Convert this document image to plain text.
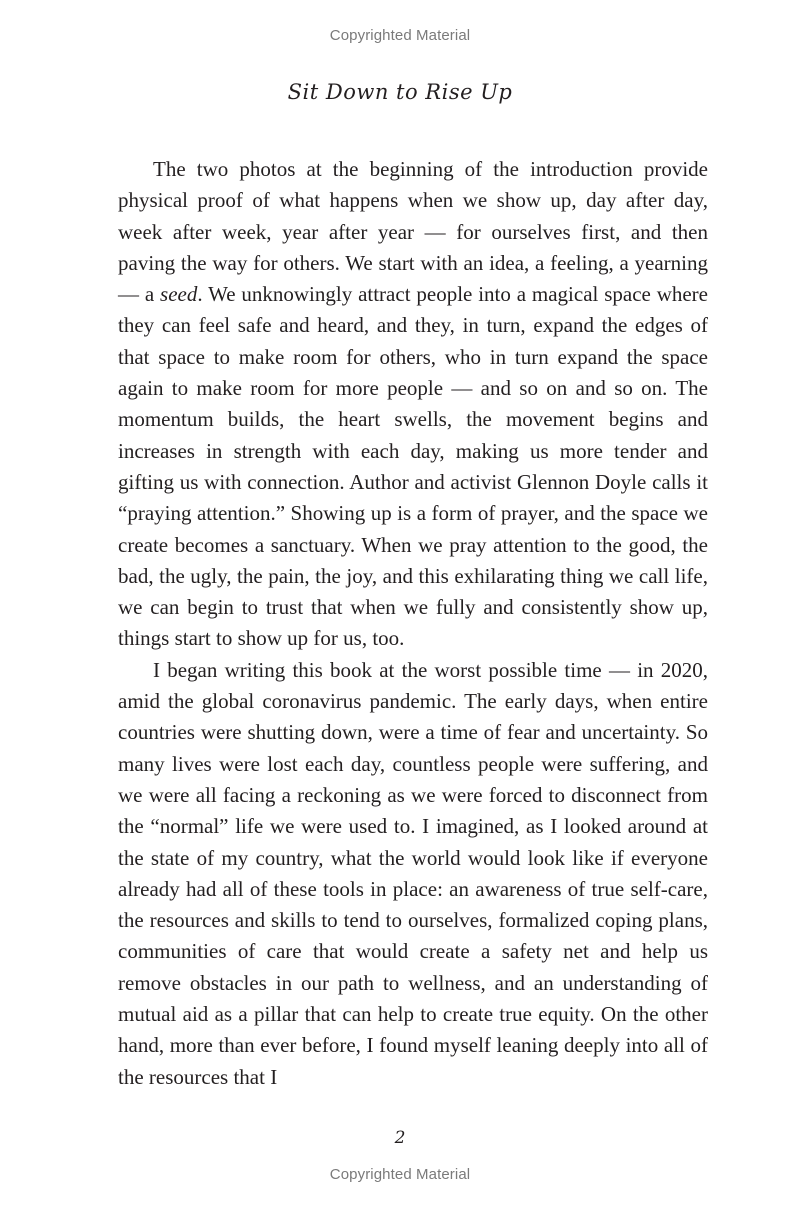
Copyrighted Material
Sit Down to Rise Up

The two photos at the beginning of the introduction provide physical proof of what happens when we show up, day after day, week after week, year after year — for ourselves first, and then paving the way for others. We start with an idea, a feeling, a yearning — a seed. We unknowingly attract people into a magical space where they can feel safe and heard, and they, in turn, expand the edges of that space to make room for others, who in turn expand the space again to make room for more people — and so on and so on. The momentum builds, the heart swells, the movement begins and increases in strength with each day, making us more tender and gifting us with connection. Author and activist Glennon Doyle calls it “praying attention.” Showing up is a form of prayer, and the space we create becomes a sanctuary. When we pray attention to the good, the bad, the ugly, the pain, the joy, and this exhilarating thing we call life, we can begin to trust that when we fully and consistently show up, things start to show up for us, too.

I began writing this book at the worst possible time — in 2020, amid the global coronavirus pandemic. The early days, when entire countries were shutting down, were a time of fear and uncertainty. So many lives were lost each day, countless people were suffering, and we were all facing a reckoning as we were forced to disconnect from the “normal” life we were used to. I imagined, as I looked around at the state of my country, what the world would look like if everyone already had all of these tools in place: an awareness of true self-care, the resources and skills to tend to ourselves, formalized coping plans, communities of care that would create a safety net and help us remove obstacles in our path to wellness, and an understanding of mutual aid as a pillar that can help to create true equity. On the other hand, more than ever before, I found myself leaning deeply into all of the resources that I

2
Copyrighted Material
